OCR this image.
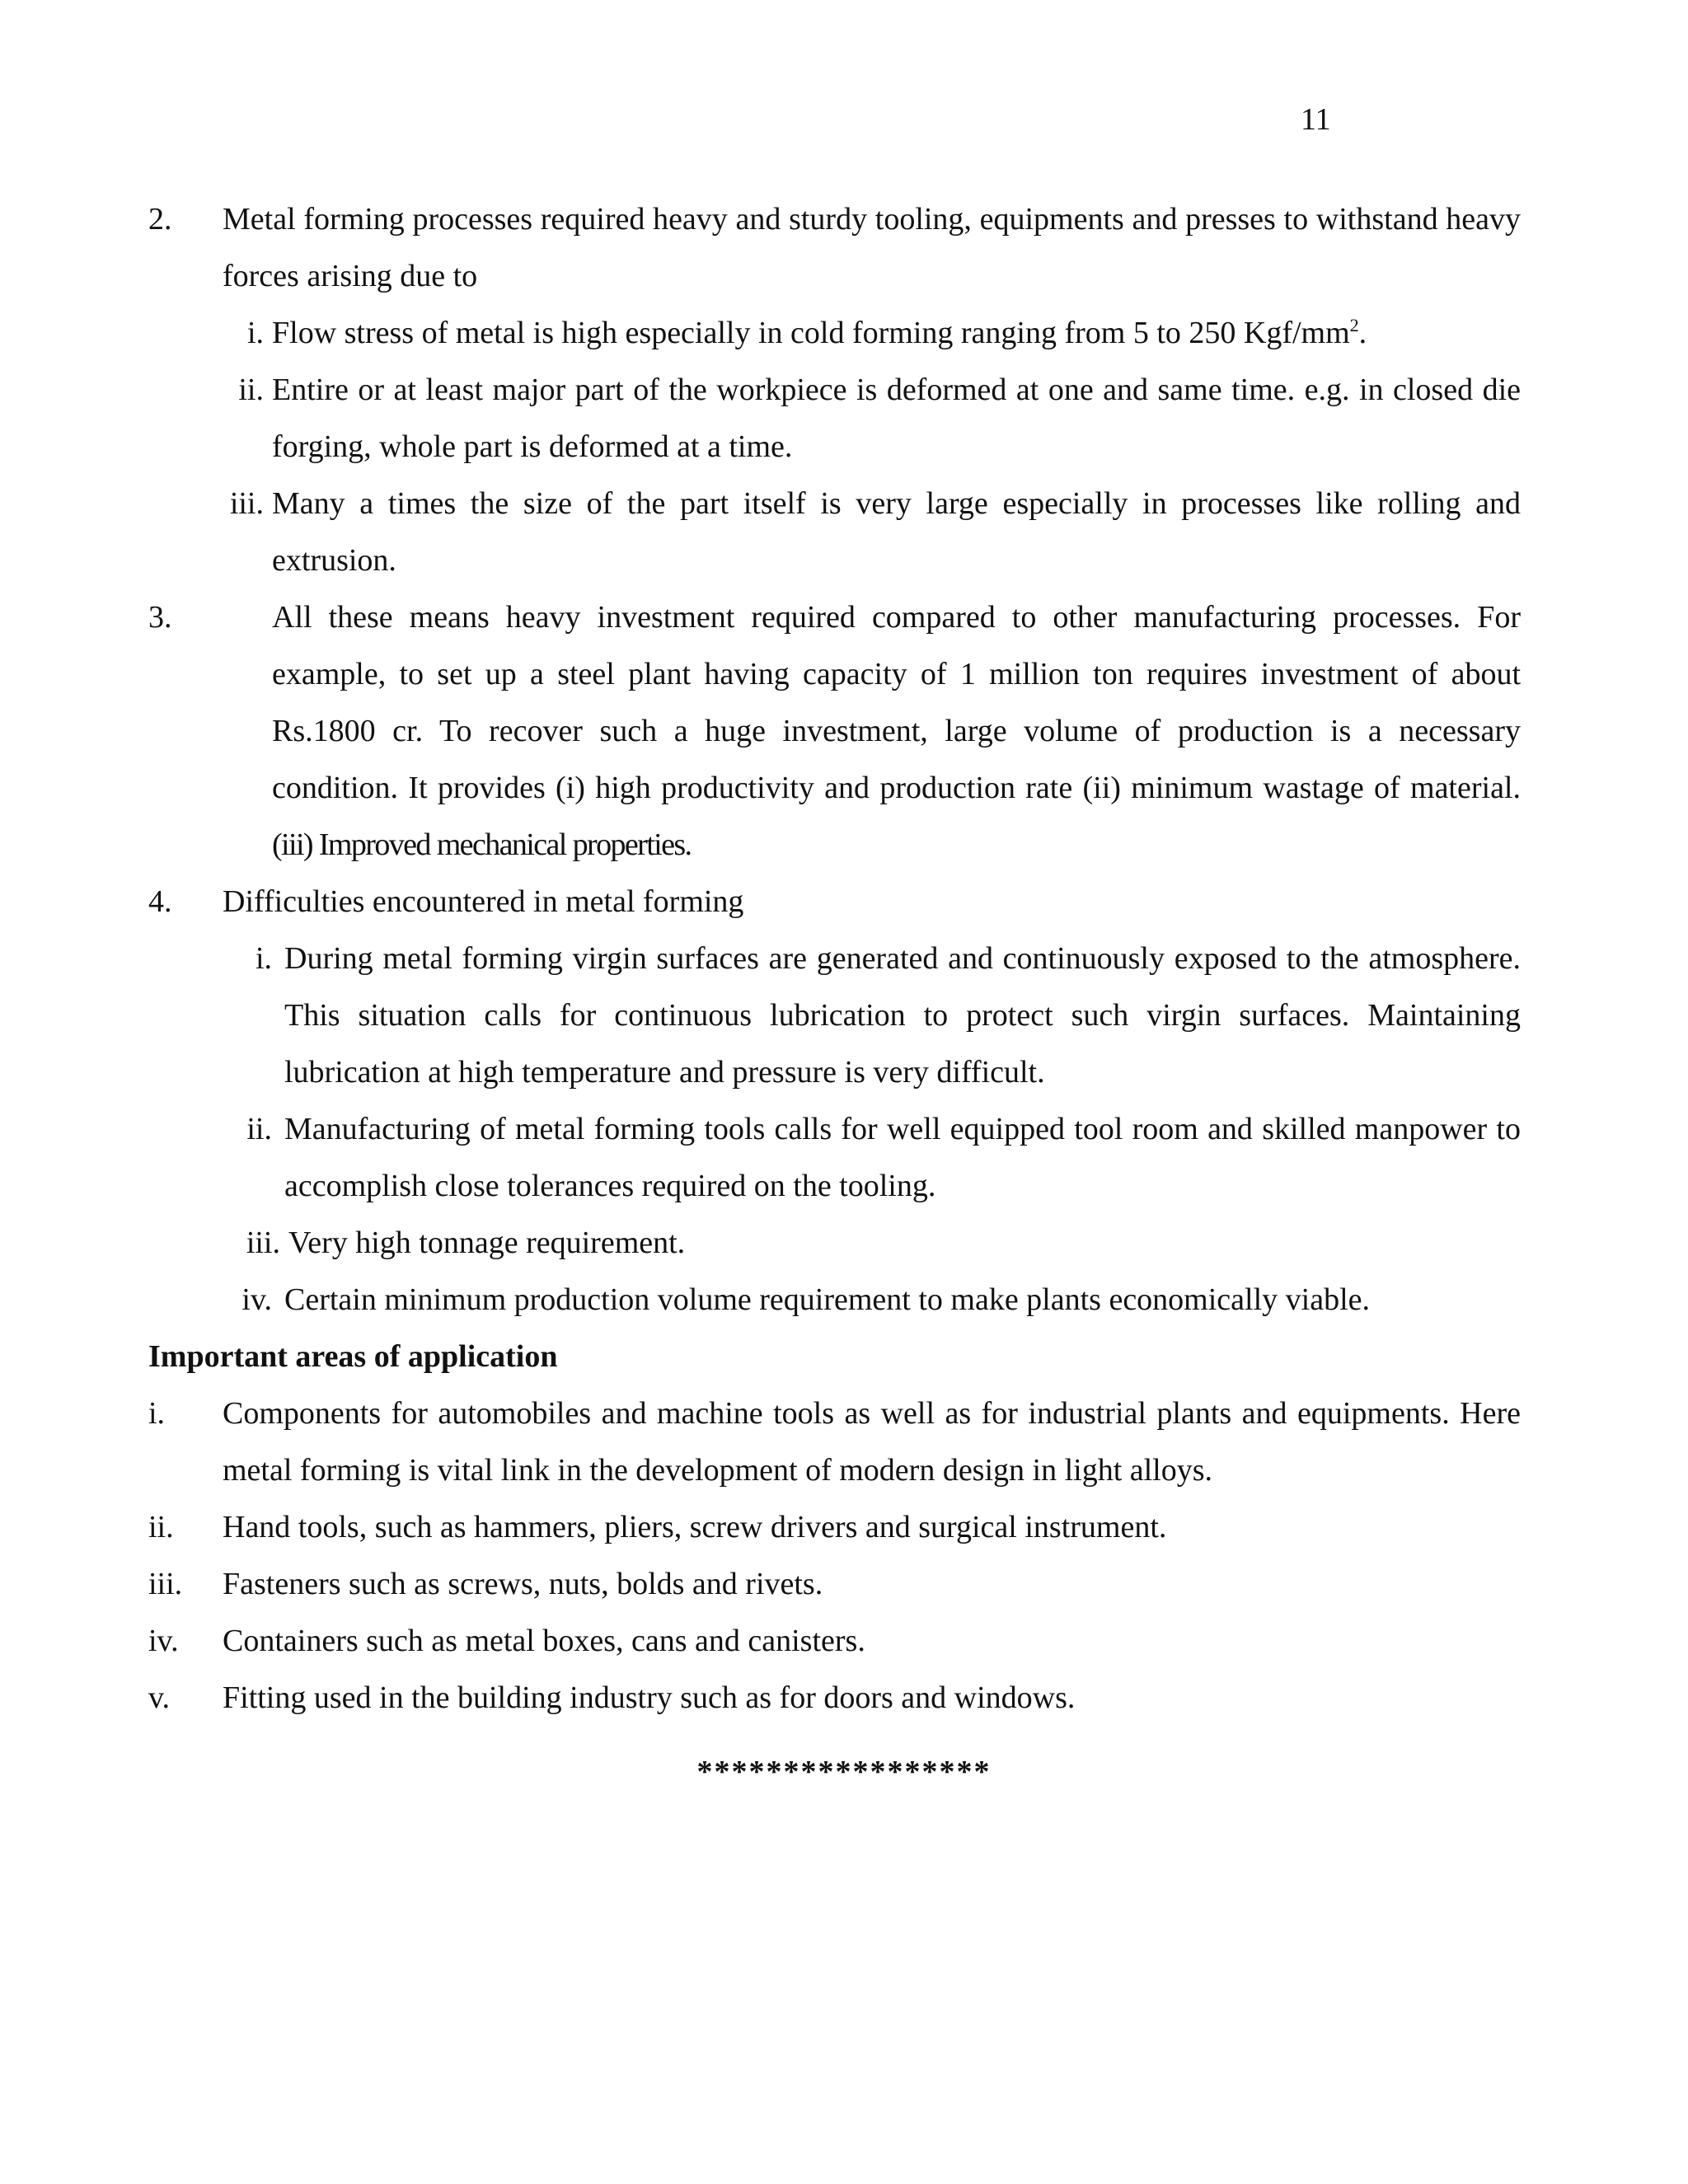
11

2. Metal forming processes required heavy and sturdy tooling, equipments and presses to withstand heavy forces arising due to

i. Flow stress of metal is high especially in cold forming ranging from 5 to 250 Kgf/$mm^2$.

ii. Entire or at least major part of the workpiece is deformed at one and same time. e.g. in closed die forging, whole part is deformed at a time.

iii. Many a times the size of the part itself is very large especially in processes like rolling and extrusion.

3.	All these means heavy investment required compared to other manufacturing processes. For example, to set up a steel plant having capacity of 1 million ton requires investment of about Rs.1800 cr. To recover such a huge investment, large volume of production is a necessary condition. It provides (i) high productivity and production rate (ii) minimum wastage of material. (iii) Improved mechanical properties.

4. Difficulties encountered in metal forming

i. During metal forming virgin surfaces are generated and continuously exposed to the atmosphere. This situation calls for continuous lubrication to protect such virgin surfaces. Maintaining lubrication at high temperature and pressure is very difficult.

ii. Manufacturing of metal forming tools calls for well equipped tool room and skilled manpower to accomplish close tolerances required on the tooling.

iii. Very high tonnage requirement.

iv. Certain minimum production volume requirement to make plants economically viable.

Important areas of application

i. Components for automobiles and machine tools as well as for industrial plants and equipments. Here metal forming is vital link in the development of modern design in light alloys.

ii. Hand tools, such as hammers, pliers, screw drivers and surgical instrument.

iii. Fasteners such as screws, nuts, bolds and rivets.

iv. Containers such as metal boxes, cans and canisters.

v. Fitting used in the building industry such as for doors and windows.

*****************
